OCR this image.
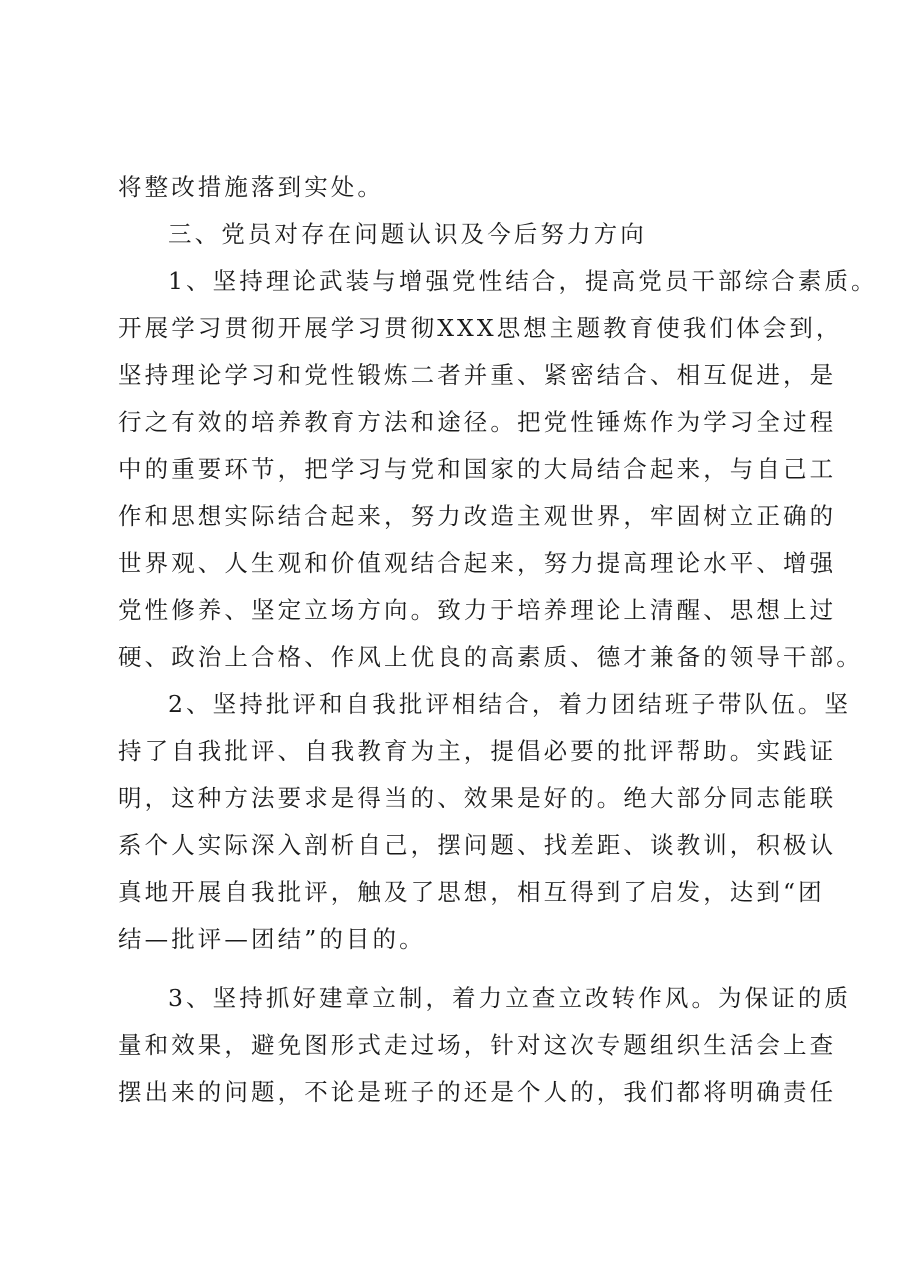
将整改措施落到实处。
三、党员对存在问题认识及今后努力方向
1、坚持理论武装与增强党性结合，提高党员干部综合素质。
开展学习贯彻开展学习贯彻XXX思想主题教育使我们体会到，
坚持理论学习和党性锻炼二者并重、紧密结合、相互促进，是
行之有效的培养教育方法和途径。把党性锤炼作为学习全过程
中的重要环节，把学习与党和国家的大局结合起来，与自己工
作和思想实际结合起来，努力改造主观世界，牢固树立正确的
世界观、人生观和价值观结合起来，努力提高理论水平、增强
党性修养、坚定立场方向。致力于培养理论上清醒、思想上过
硬、政治上合格、作风上优良的高素质、德才兼备的领导干部。
2、坚持批评和自我批评相结合，着力团结班子带队伍。坚
持了自我批评、自我教育为主，提倡必要的批评帮助。实践证
明，这种方法要求是得当的、效果是好的。绝大部分同志能联
系个人实际深入剖析自己，摆问题、找差距、谈教训，积极认
真地开展自我批评，触及了思想，相互得到了启发，达到“团
结—批评—团结”的目的。
3、坚持抓好建章立制，着力立查立改转作风。为保证的质
量和效果，避免图形式走过场，针对这次专题组织生活会上查
摆出来的问题，不论是班子的还是个人的，我们都将明确责任
